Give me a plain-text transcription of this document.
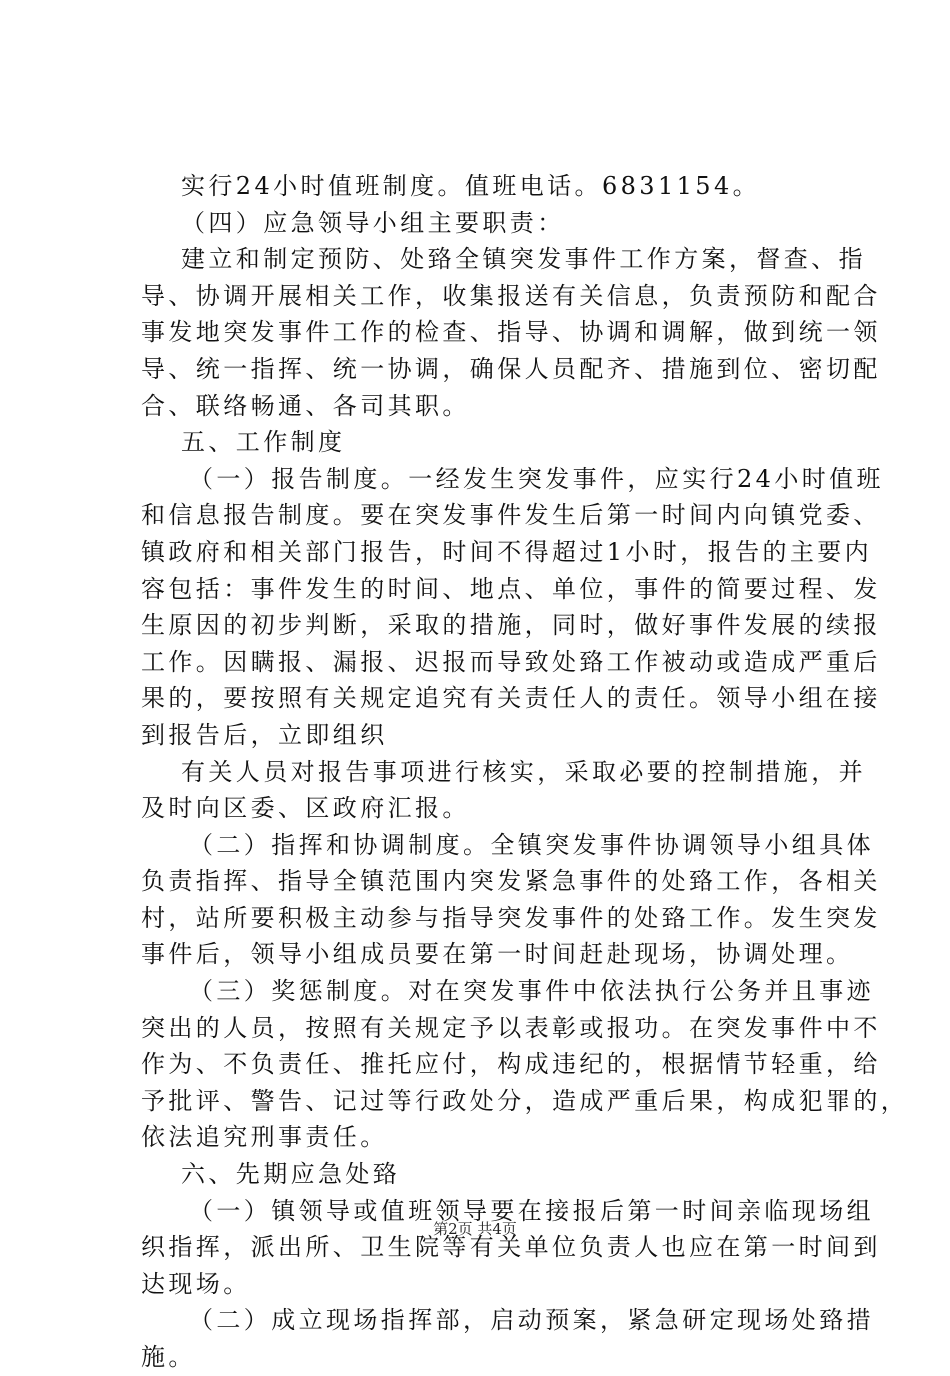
实行24小时值班制度。值班电话。6831154。
（四）应急领导小组主要职责：
建立和制定预防、处臵全镇突发事件工作方案，督查、指
导、协调开展相关工作，收集报送有关信息，负责预防和配合
事发地突发事件工作的检查、指导、协调和调解，做到统一领
导、统一指挥、统一协调，确保人员配齐、措施到位、密切配
合、联络畅通、各司其职。
五、工作制度
（一）报告制度。一经发生突发事件，应实行24小时值班
和信息报告制度。要在突发事件发生后第一时间内向镇党委、
镇政府和相关部门报告，时间不得超过1小时，报告的主要内
容包括：事件发生的时间、地点、单位，事件的简要过程、发
生原因的初步判断，采取的措施，同时，做好事件发展的续报
工作。因瞒报、漏报、迟报而导致处臵工作被动或造成严重后
果的，要按照有关规定追究有关责任人的责任。领导小组在接
到报告后，立即组织
有关人员对报告事项进行核实，采取必要的控制措施，并
及时向区委、区政府汇报。
（二）指挥和协调制度。全镇突发事件协调领导小组具体
负责指挥、指导全镇范围内突发紧急事件的处臵工作，各相关
村，站所要积极主动参与指导突发事件的处臵工作。发生突发
事件后，领导小组成员要在第一时间赶赴现场，协调处理。
（三）奖惩制度。对在突发事件中依法执行公务并且事迹
突出的人员，按照有关规定予以表彰或报功。在突发事件中不
作为、不负责任、推托应付，构成违纪的，根据情节轻重，给
予批评、警告、记过等行政处分，造成严重后果，构成犯罪的，
依法追究刑事责任。
六、先期应急处臵
（一）镇领导或值班领导要在接报后第一时间亲临现场组
织指挥，派出所、卫生院等有关单位负责人也应在第一时间到
达现场。
（二）成立现场指挥部，启动预案，紧急研定现场处臵措
施。
第2页 共4页
